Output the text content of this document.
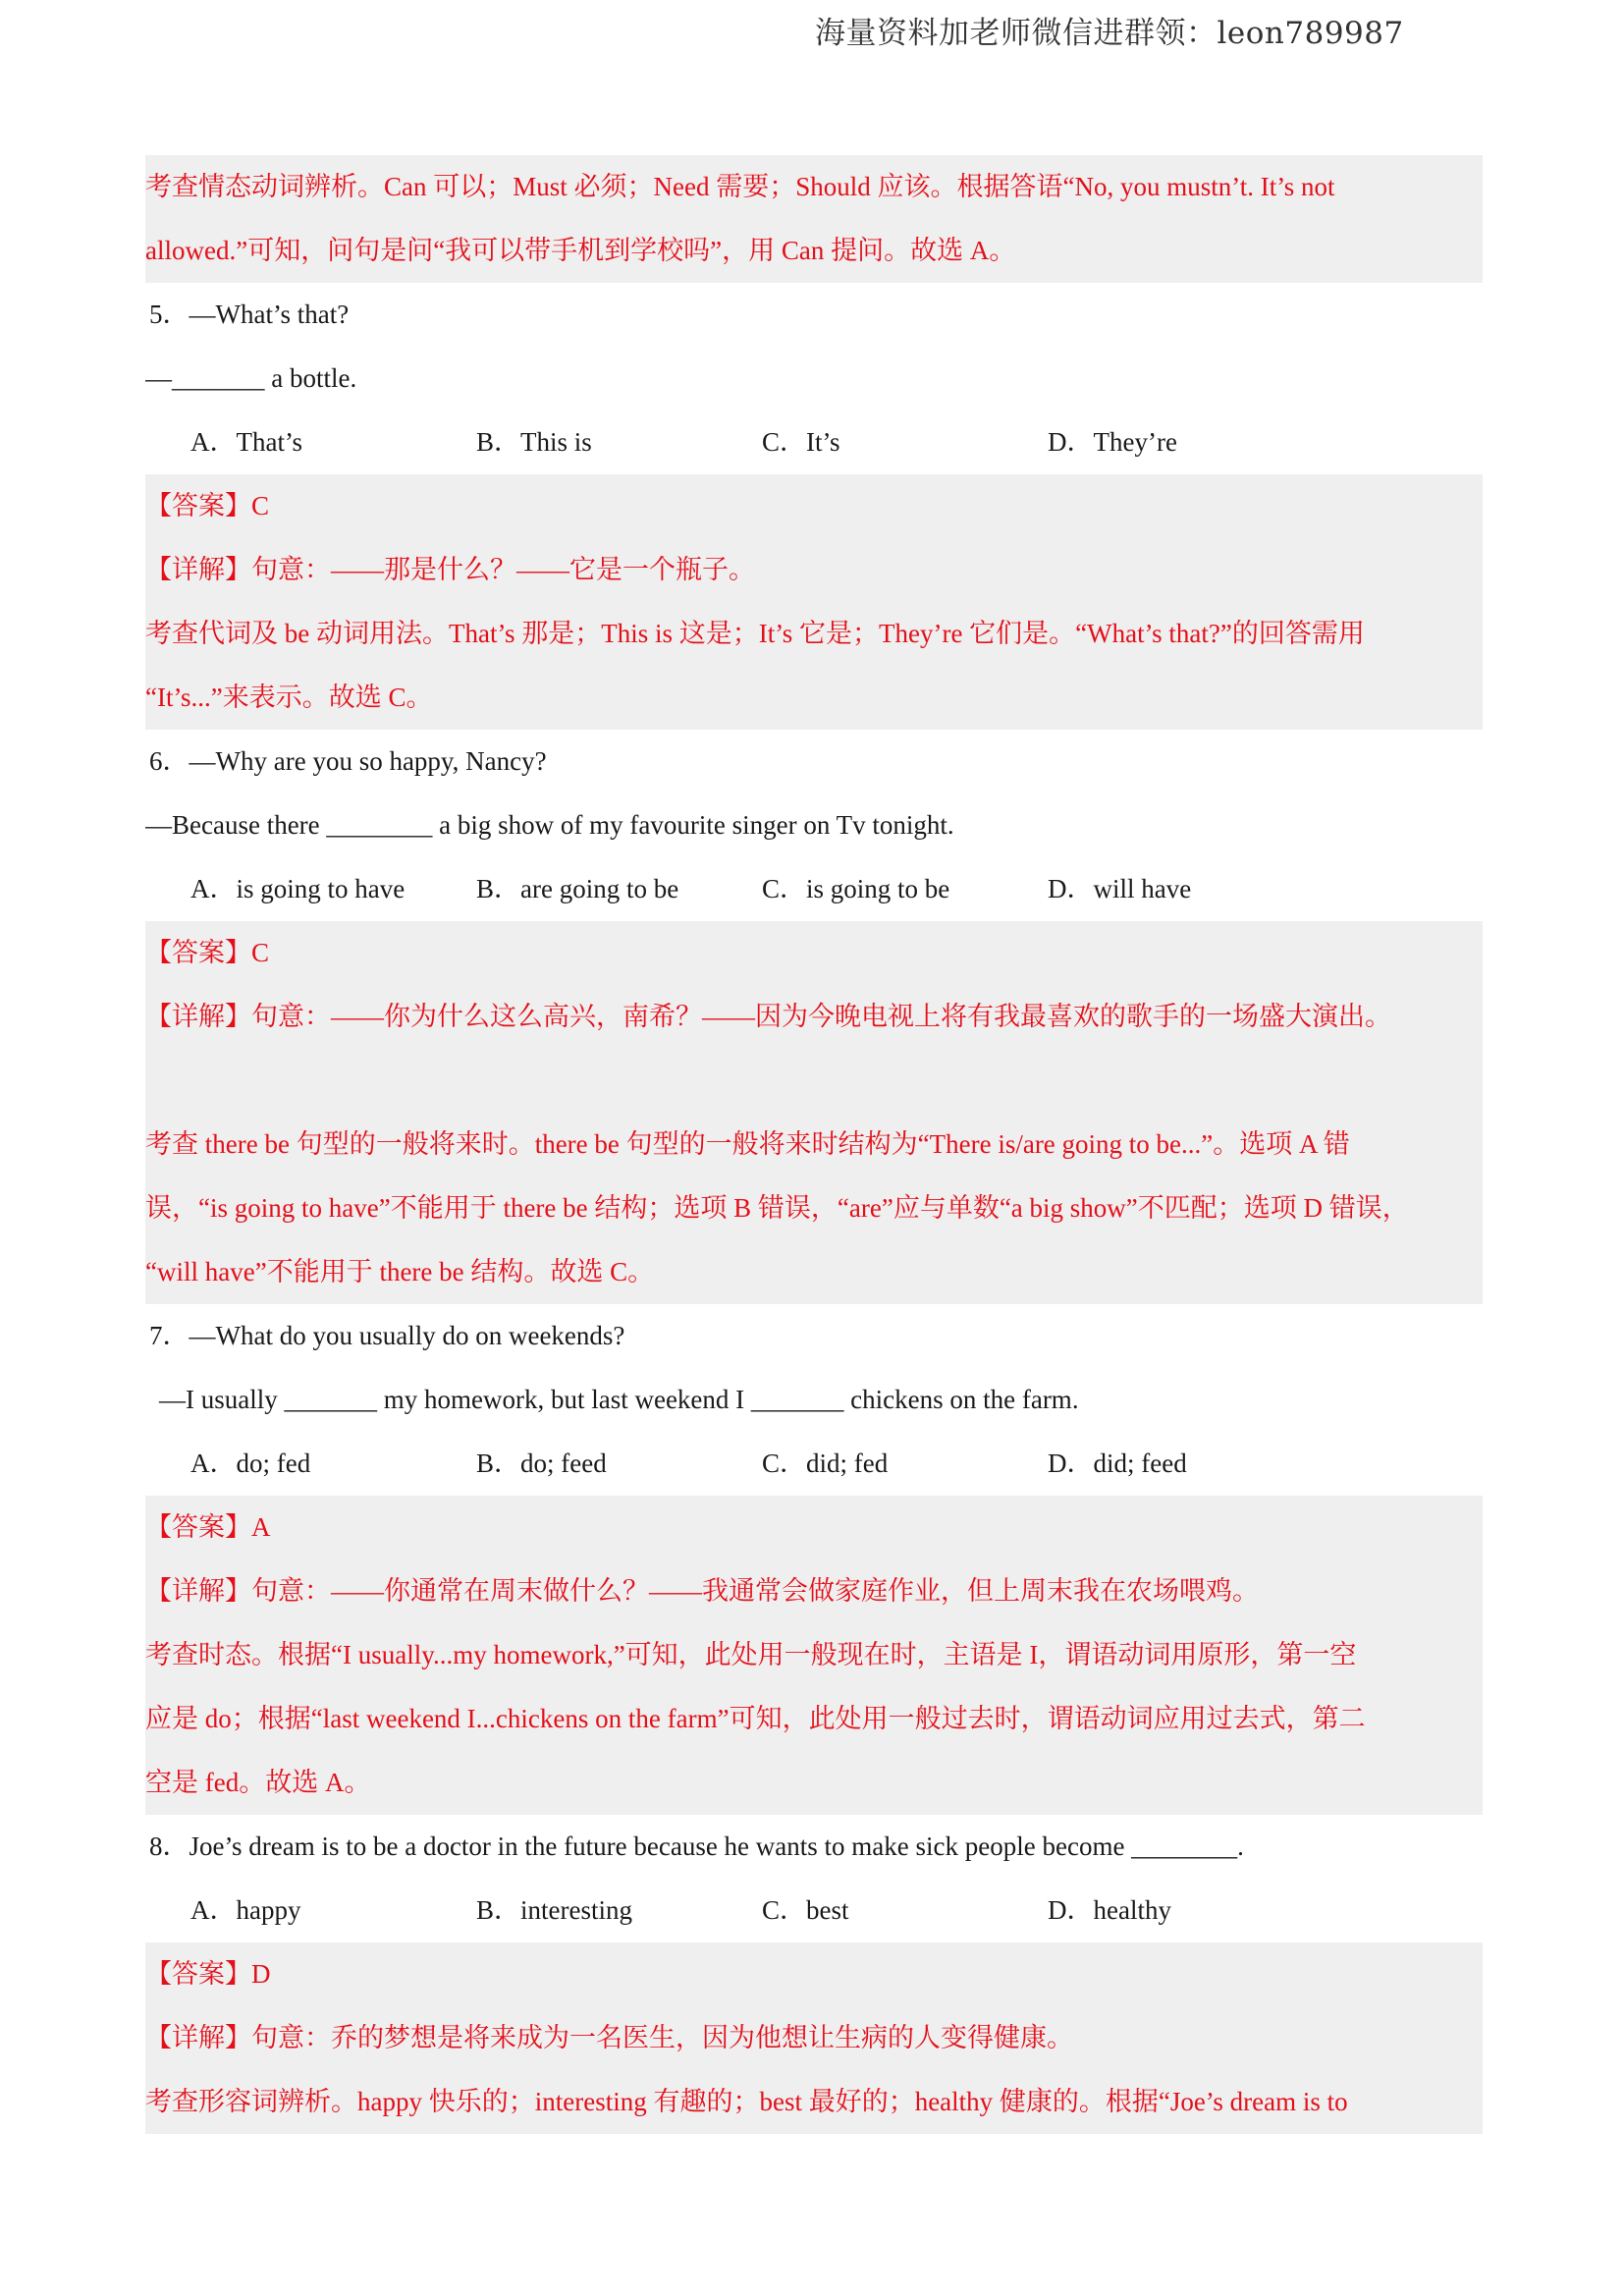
海量资料加老师微信进群领：leon789987
考查情态动词辨析。Can 可以；Must 必须；Need 需要；Should 应该。根据答语“No, you mustn’t. It’s not
allowed.”可知，问句是问“我可以带手机到学校吗”，用 Can 提问。故选 A。
5．—What’s that?
—_______ a bottle.
A．That’s	B．This is	C．It’s	D．They’re
【答案】C
【详解】句意：——那是什么？——它是一个瓶子。
考查代词及 be 动词用法。That’s 那是；This is 这是；It’s 它是；They’re 它们是。“What’s that?”的回答需用
“It’s...”来表示。故选 C。
6．—Why are you so happy, Nancy?
—Because there ________ a big show of my favourite singer on Tv tonight.
A．is going to have	B．are going to be	C．is going to be	D．will have
【答案】C
【详解】句意：——你为什么这么高兴，南希？——因为今晚电视上将有我最喜欢的歌手的一场盛大演出。
考查 there be 句型的一般将来时。there be 句型的一般将来时结构为“There is/are going to be...”。选项 A 错
误，“is going to have”不能用于 there be 结构；选项 B 错误，“are”应与单数“a big show”不匹配；选项 D 错误，
“will have”不能用于 there be 结构。故选 C。
7．—What do you usually do on weekends?
—I usually _______ my homework, but last weekend I _______ chickens on the farm.
A．do; fed	B．do; feed	C．did; fed	D．did; feed
【答案】A
【详解】句意：——你通常在周末做什么？——我通常会做家庭作业，但上周末我在农场喂鸡。
考查时态。根据“I usually...my homework,”可知，此处用一般现在时，主语是 I，谓语动词用原形，第一空
应是 do；根据“last weekend I...chickens on the farm”可知，此处用一般过去时，谓语动词应用过去式，第二
空是 fed。故选 A。
8．Joe’s dream is to be a doctor in the future because he wants to make sick people become ________.
A．happy	B．interesting	C．best	D．healthy
【答案】D
【详解】句意：乔的梦想是将来成为一名医生，因为他想让生病的人变得健康。
考查形容词辨析。happy 快乐的；interesting 有趣的；best 最好的；healthy 健康的。根据“Joe’s dream is to
